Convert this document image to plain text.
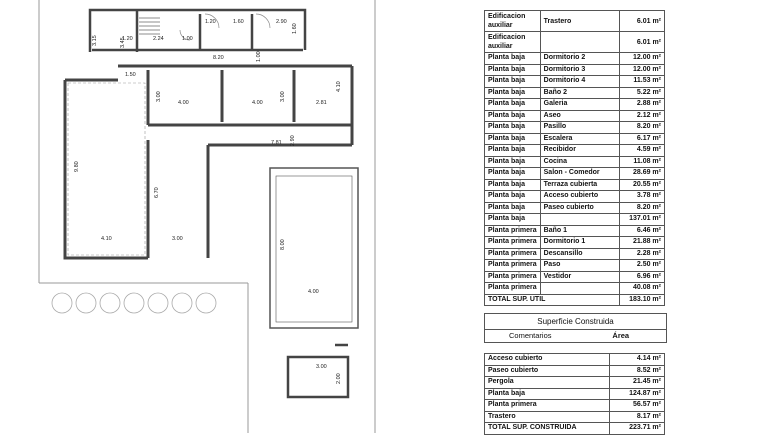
1.20	1.60	2.90
1.20	2.24	1.00
3.15	3.45
1.60
1.50
8.20	1.00
3.00
4.00	4.00
3.00
2.81
4.10
7.81 2.90
9.80
6.70
4.10	3.00
8.00
4.00
3.00
2.00
Edificacion auxiliar	Trastero	6.01 m²
Edificacion auxiliar		6.01 m²
Planta baja	Dormitorio 2	12.00 m²
Planta baja	Dormitorio 3	12.00 m²
Planta baja	Dormitorio 4	11.53 m²
Planta baja	Baño 2	5.22 m²
Planta baja	Galeria	2.88 m²
Planta baja	Aseo	2.12 m²
Planta baja	Pasillo	8.20 m²
Planta baja	Escalera	6.17 m²
Planta baja	Recibidor	4.59 m²
Planta baja	Cocina	11.08 m²
Planta baja	Salon - Comedor	28.69 m²
Planta baja	Terraza cubierta	20.55 m²
Planta baja	Acceso cubierto	3.78 m²
Planta baja	Paseo cubierto	8.20 m²
Planta baja		137.01 m²
Planta primera	Baño 1	6.46 m²
Planta primera	Dormitorio 1	21.88 m²
Planta primera	Descansillo	2.28 m²
Planta primera	Paso	2.50 m²
Planta primera	Vestidor	6.96 m²
Planta primera		40.08 m²
TOTAL SUP. UTIL		183.10 m²
Superficie Construida
Comentarios	Área
Acceso cubierto	4.14 m²
Paseo cubierto	8.52 m²
Pergola	21.45 m²
Planta baja	124.87 m²
Planta primera	56.57 m²
Trastero	8.17 m²
TOTAL SUP. CONSTRUIDA	223.71 m²
